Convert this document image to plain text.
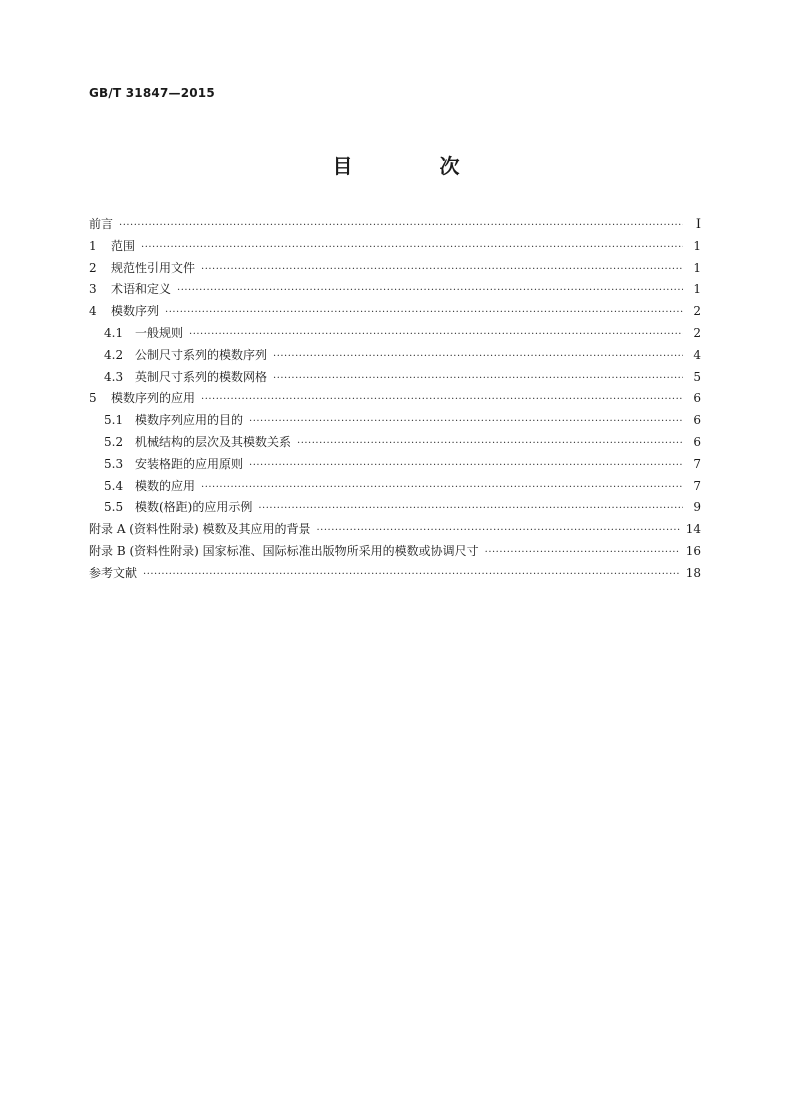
GB/T 31847—2015
目 次
前言 ·····	I
1	范围 ·····	1
2	规范性引用文件 ·····	1
3	术语和定义 ·····	1
4	模数序列 ·····	2
4.1 一般规则 ·····	2
4.2 公制尺寸系列的模数序列 ·····	4
4.3 英制尺寸系列的模数网格 ·····	5
5	模数序列的应用 ·····	6
5.1 模数序列应用的目的 ·····	6
5.2 机械结构的层次及其模数关系 ·····	6
5.3 安装格距的应用原则 ·····	7
5.4 模数的应用 ·····	7
5.5 模数(格距)的应用示例 ·····	9
附录 A (资料性附录) 模数及其应用的背景 ·····	14
附录 B (资料性附录) 国家标准、国际标准出版物所采用的模数或协调尺寸 ·····	16
参考文献 ·····	18
